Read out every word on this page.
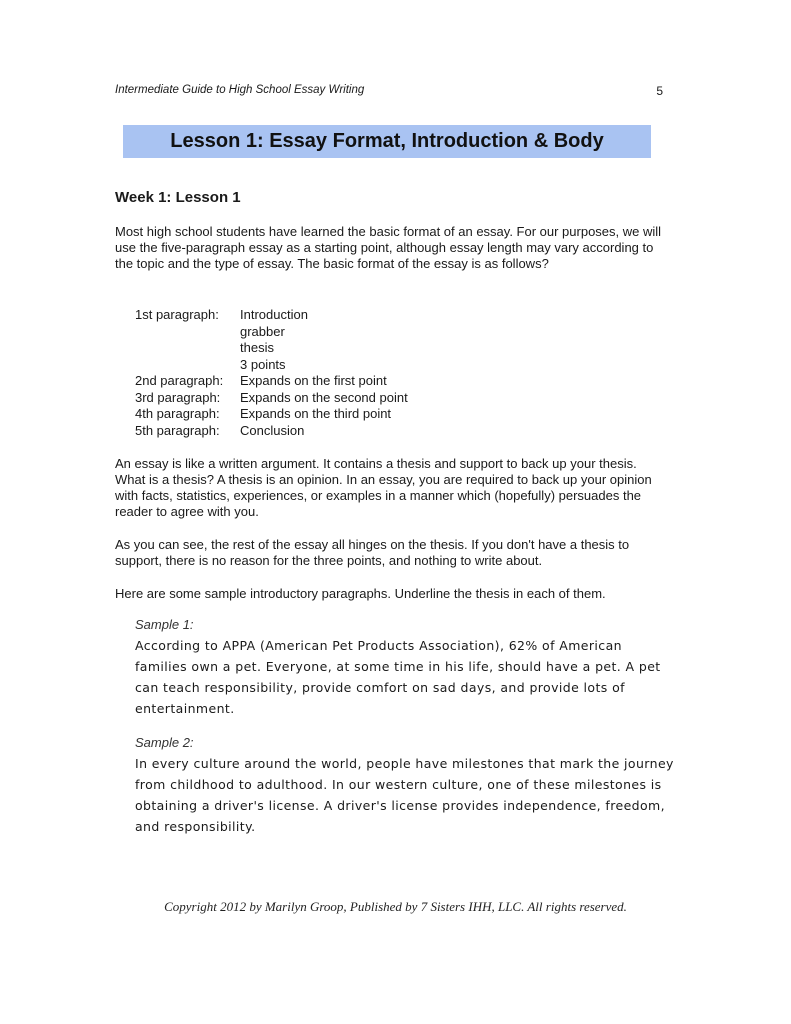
Intermediate Guide to High School Essay Writing	5
Lesson 1: Essay Format, Introduction & Body
Week 1: Lesson 1

Most high school students have learned the basic format of an essay. For our purposes, we will use the five-paragraph essay as a starting point, although essay length may vary according to the topic and the type of essay. The basic format of the essay is as follows?

1st paragraph:	Introduction
grabber
thesis
3 points
2nd paragraph:	Expands on the first point
3rd paragraph:	Expands on the second point
4th paragraph:	Expands on the third point
5th paragraph:	Conclusion

An essay is like a written argument. It contains a thesis and support to back up your thesis. What is a thesis? A thesis is an opinion. In an essay, you are required to back up your opinion with facts, statistics, experiences, or examples in a manner which (hopefully) persuades the reader to agree with you.

As you can see, the rest of the essay all hinges on the thesis. If you don't have a thesis to support, there is no reason for the three points, and nothing to write about.

Here are some sample introductory paragraphs. Underline the thesis in each of them.

Sample 1:

According to APPA (American Pet Products Association), 62% of American families own a pet. Everyone, at some time in his life, should have a pet. A pet can teach responsibility, provide comfort on sad days, and provide lots of entertainment.

Sample 2:

In every culture around the world, people have milestones that mark the journey from childhood to adulthood. In our western culture, one of these milestones is obtaining a driver's license. A driver's license provides independence, freedom, and responsibility.

Copyright 2012 by Marilyn Groop, Published by 7 Sisters IHH, LLC. All rights reserved.
